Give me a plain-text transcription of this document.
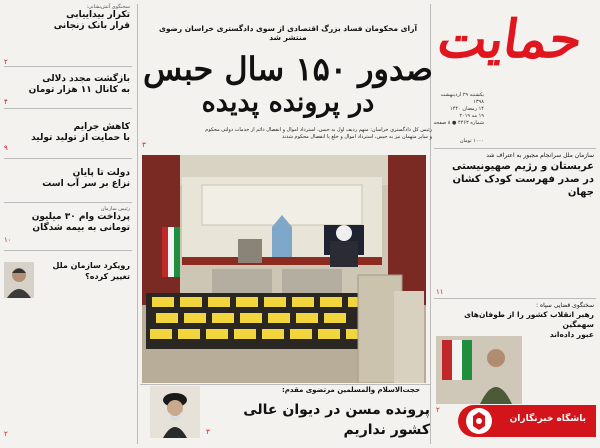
حمایت
یکشنبه ۲۹ اردیبهشت ۱۳۹۸
۱۴ رمضان ۱۴۴۰
۱۹ مه ۲۰۱۹
شماره ۴۴۶۳ ● ۸ صفحه
۱۰۰۰ تومان
آرای محکومان فساد بزرگ اقتصادی از سوی دادگستری خراسان رضوی منتشر شد
صدور ۱۵۰ سال حبس
در پرونده پدیده
رئیس کل دادگستری خراسان: متهم ردیف اول به حبس، استرداد اموال و انفصال دائم از خدمات دولتی محکوم
و سایر متهمان نیز به حبس، استرداد اموال و خلع یا انفصال محکوم شدند
۳
حجت‌الاسلام والمسلمین مرتضوی مقدم:
پرونده مسن در دیوان عالی کشور نداریم
۳
سخنگوی آتش‌نشانی:
تکرار بیداییابی
قرار بانک زنجانی
۲
بازگشت مجدد دلالی
به کانال ۱۱ هزار تومان
۴
کاهش جرایم
با حمایت از تولید تولید
۹
دولت تا پایان
نزاع بر سر آب است
رئیس سازمان
پرداخت وام ۳۰ میلیون
تومانی به بیمه شدگان
۱۰
رویکرد سازمان ملل
تغییر کرده؟
۲
سازمان ملل سرانجام مجبور به اعتراف شد
عربستان و رژیم صهیونیستی
در صدر فهرست کودک کشان جهان
۱۱
سخنگوی قضایی سپاه :
رهبر انقلاب کشور را از طوفان‌های سهمگین
عبور داده‌اند
۲
باشگاه خبرنگاران
